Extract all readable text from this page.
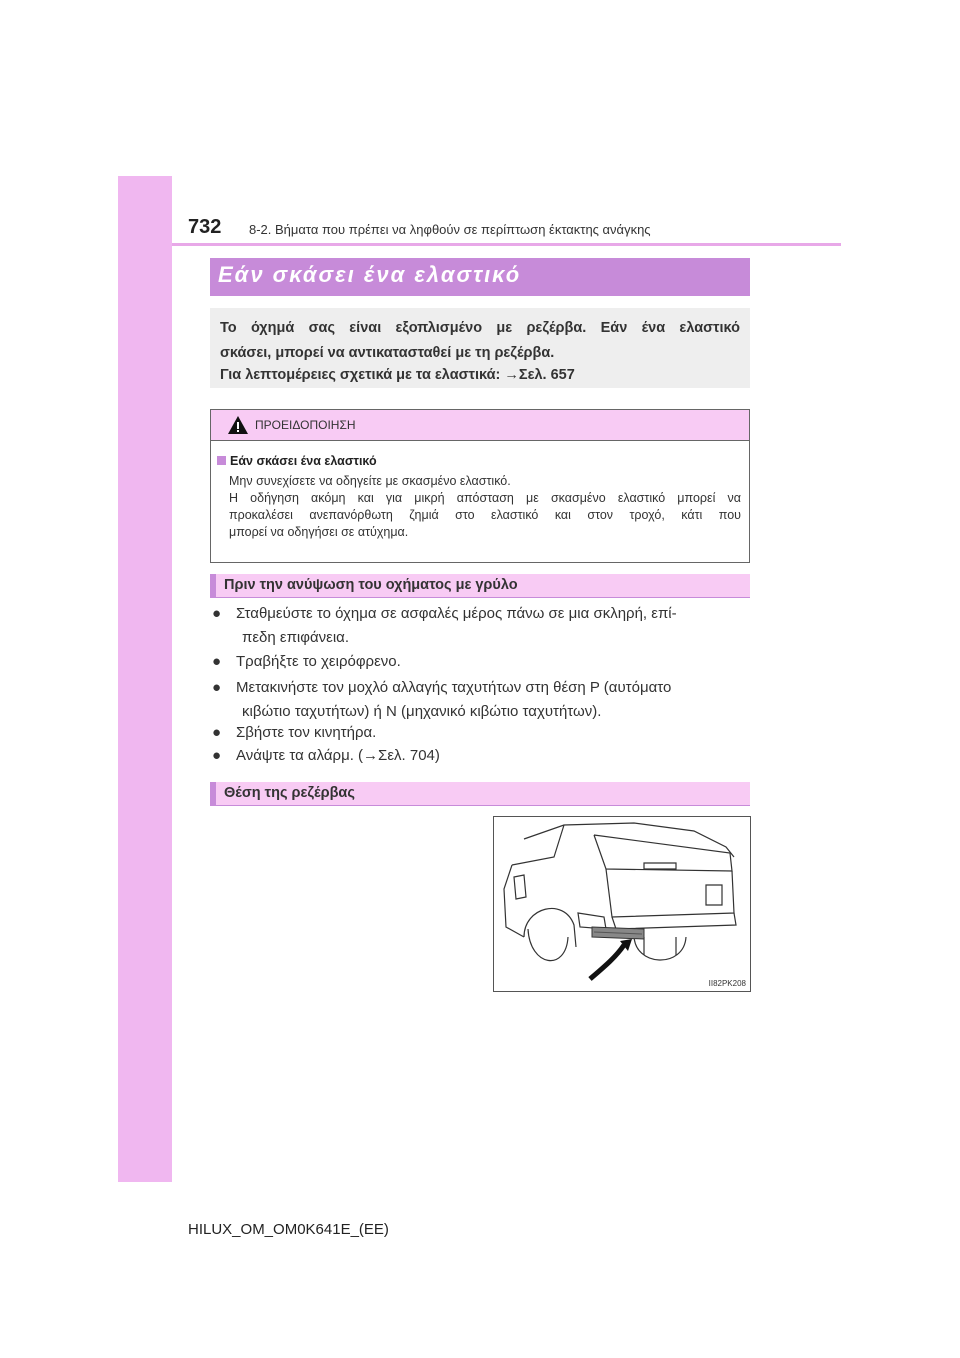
732 8-2. Βήματα που πρέπει να ληφθούν σε περίπτωση έκτακτης ανάγκης
Εάν σκάσει ένα ελαστικό
Το όχημά σας είναι εξοπλισμένο με ρεζέρβα. Εάν ένα ελαστικό
σκάσει, μπορεί να αντικατασταθεί με τη ρεζέρβα.
Για λεπτομέρειες σχετικά με τα ελαστικά: →Σελ. 657
ΠΡΟΕΙΔΟΠΟΙΗΣΗ
Εάν σκάσει ένα ελαστικό
Μην συνεχίσετε να οδηγείτε με σκασμένο ελαστικό.
Η οδήγηση ακόμη και για μικρή απόσταση με σκασμένο ελαστικό μπορεί να
προκαλέσει ανεπανόρθωτη ζημιά στο ελαστικό και στον τροχό, κάτι που
μπορεί να οδηγήσει σε ατύχημα.
Πριν την ανύψωση του οχήματος με γρύλο
● Σταθμεύστε το όχημα σε ασφαλές μέρος πάνω σε μια σκληρή, επί-
πεδη επιφάνεια.
● Τραβήξτε το χειρόφρενο.
● Μετακινήστε τον μοχλό αλλαγής ταχυτήτων στη θέση P (αυτόματο
κιβώτιο ταχυτήτων) ή N (μηχανικό κιβώτιο ταχυτήτων).
● Σβήστε τον κινητήρα.
● Ανάψτε τα αλάρμ. (→Σελ. 704)
Θέση της ρεζέρβας
II82PK208
HILUX_OM_OM0K641E_(EE)
